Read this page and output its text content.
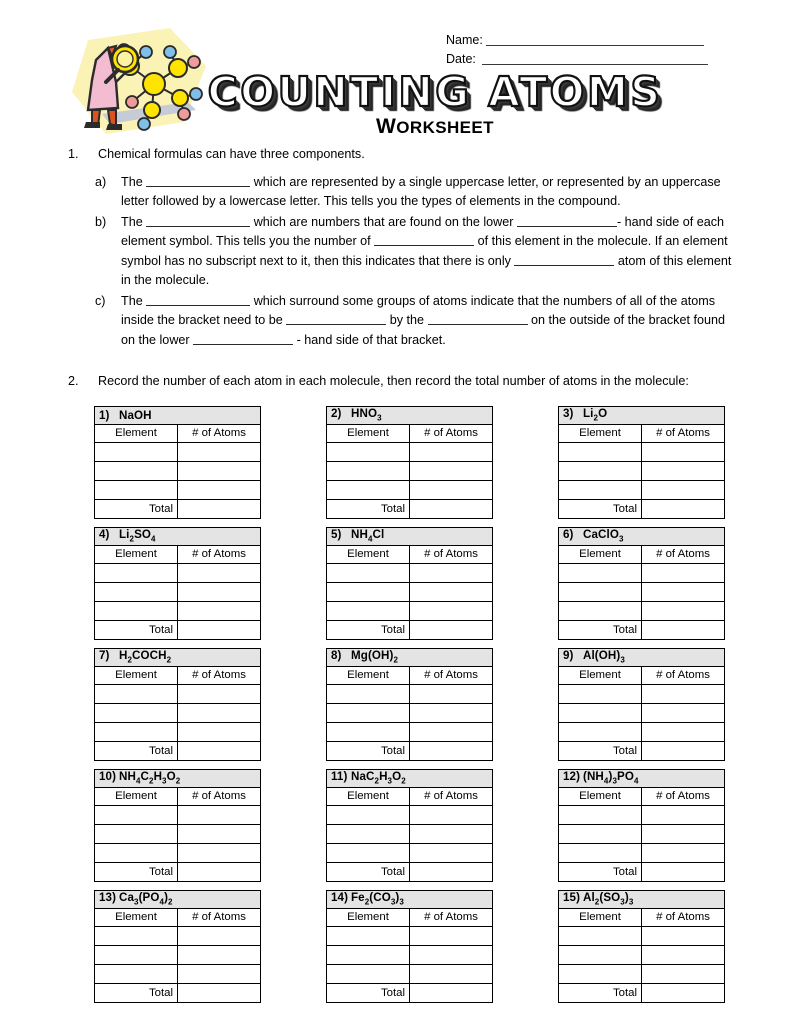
Name:
Date:
COUNTING ATOMS
WORKSHEET
1.	Chemical formulas can have three components.
a)	The	which are represented by a single uppercase letter, or represented by an uppercase letter followed by a lowercase letter. This tells you the types of elements in the compound.
b)	The	which are numbers that are found on the lower	- hand side of each element symbol. This tells you the number of	of this element in the molecule. If an element symbol has no subscript next to it, then this indicates that there is only	atom of this element in the molecule.
c)	The	which surround some groups of atoms indicate that the numbers of all of the atoms inside the bracket need to be	by the	on the outside of the bracket found on the lower	- hand side of that bracket.
2.	Record the number of each atom in each molecule, then record the total number of atoms in the molecule:
1) NaOH	
Element	# of Atoms

Total	
2) $HNO_3$
Element	# of Atoms

Total	
3) $Li_2O$	
Element	# of Atoms

Total	
4) $Li_2SO_4$
Element	# of Atoms

Total	
5) $NH_4Cl$	
Element	# of Atoms

Total	
6) CaClO$_3$
Element	# of Atoms

Total	
7) $H_2COCH_2$
Element	# of Atoms

Total	
8) $Mg(OH)_2$
Element	# of Atoms

Total	
9) $Al(OH)_3$
Element	# of Atoms

Total	
10) $NH_4C_2H_3O_2$
Element	# of Atoms

Total	
11) $NaC_2H_3O_2$
Element	# of Atoms

Total	
12) $(NH_4)_3PO_4$
Element	# of Atoms

Total	
13) $Ca_3(PO_4)_2$
Element	# of Atoms

Total	
14) $Fe_2(CO_3)_3$
Element	# of Atoms

Total	
15) $Al_2(SO_3)_3$
Element	# of Atoms

Total	
